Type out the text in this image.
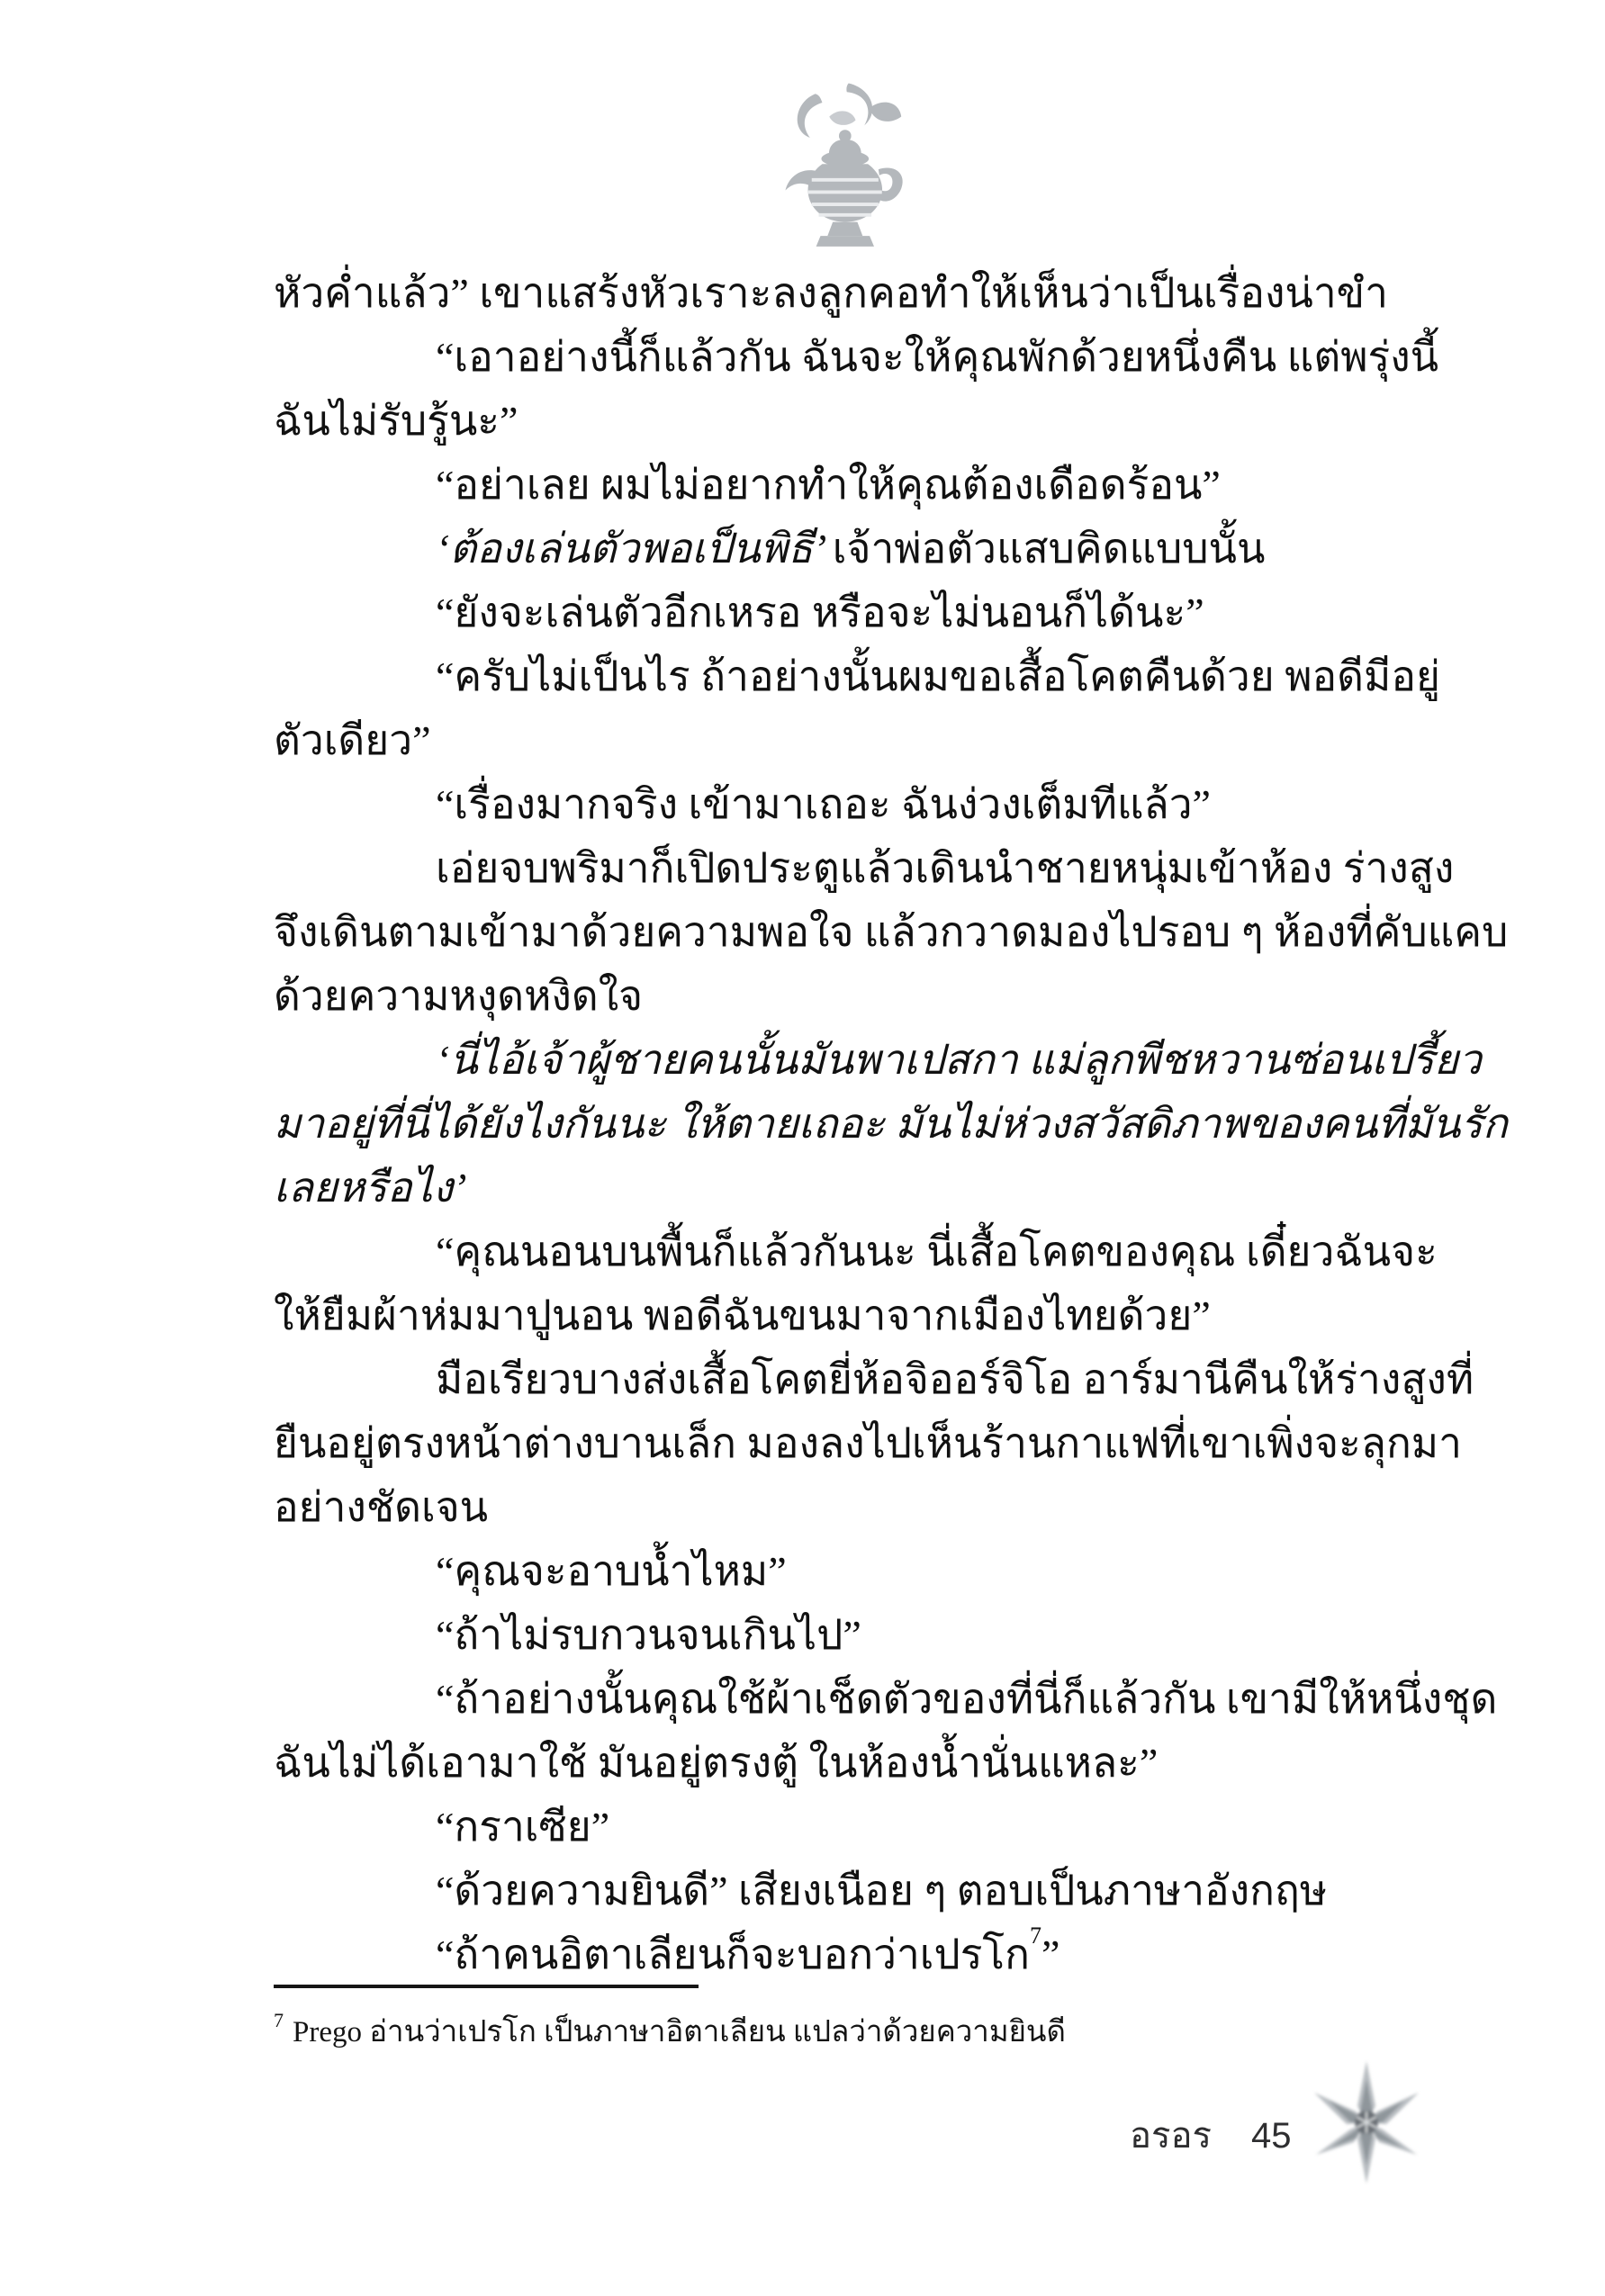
หัวค่ำแล้ว” เขาแสร้งหัวเราะลงลูกคอทำให้เห็นว่าเป็นเรื่องน่าขำ
“เอาอย่างนี้ก็แล้วกัน ฉันจะให้คุณพักด้วยหนึ่งคืน แต่พรุ่งนี้
ฉันไม่รับรู้นะ”
“อย่าเลย ผมไม่อยากทำให้คุณต้องเดือดร้อน”
‘ต้องเล่นตัวพอเป็นพิธี’ เจ้าพ่อตัวแสบคิดแบบนั้น
“ยังจะเล่นตัวอีกเหรอ หรือจะไม่นอนก็ได้นะ”
“ครับไม่เป็นไร ถ้าอย่างนั้นผมขอเสื้อโคตคืนด้วย พอดีมีอยู่
ตัวเดียว”
“เรื่องมากจริง เข้ามาเถอะ ฉันง่วงเต็มทีแล้ว”
เอ่ยจบพริมาก็เปิดประตูแล้วเดินนำชายหนุ่มเข้าห้อง ร่างสูง
จึงเดินตามเข้ามาด้วยความพอใจ แล้วกวาดมองไปรอบ ๆ ห้องที่คับแคบ
ด้วยความหงุดหงิดใจ
‘นี่ไอ้เจ้าผู้ชายคนนั้นมันพาเปสกา แม่ลูกพีชหวานซ่อนเปรี้ยว
มาอยู่ที่นี่ได้ยังไงกันนะ ให้ตายเถอะ มันไม่ห่วงสวัสดิภาพของคนที่มันรัก
เลยหรือไง’
“คุณนอนบนพื้นก็แล้วกันนะ นี่เสื้อโคตของคุณ เดี๋ยวฉันจะ
ให้ยืมผ้าห่มมาปูนอน พอดีฉันขนมาจากเมืองไทยด้วย”
มือเรียวบางส่งเสื้อโคตยี่ห้อจิออร์จิโอ อาร์มานีคืนให้ร่างสูงที่
ยืนอยู่ตรงหน้าต่างบานเล็ก มองลงไปเห็นร้านกาแฟที่เขาเพิ่งจะลุกมา
อย่างชัดเจน
“คุณจะอาบน้ำไหม”
“ถ้าไม่รบกวนจนเกินไป”
“ถ้าอย่างนั้นคุณใช้ผ้าเช็ดตัวของที่นี่ก็แล้วกัน เขามีให้หนึ่งชุด
ฉันไม่ได้เอามาใช้ มันอยู่ตรงตู้ ในห้องน้ำนั่นแหละ”
“กราเซีย”
“ด้วยความยินดี” เสียงเนือย ๆ ตอบเป็นภาษาอังกฤษ
“ถ้าคนอิตาเลียนก็จะบอกว่าเปรโก$^7$”
$^7$ Prego อ่านว่าเปรโก เป็นภาษาอิตาเลียน แปลว่าด้วยความยินดี
อรอร 45
